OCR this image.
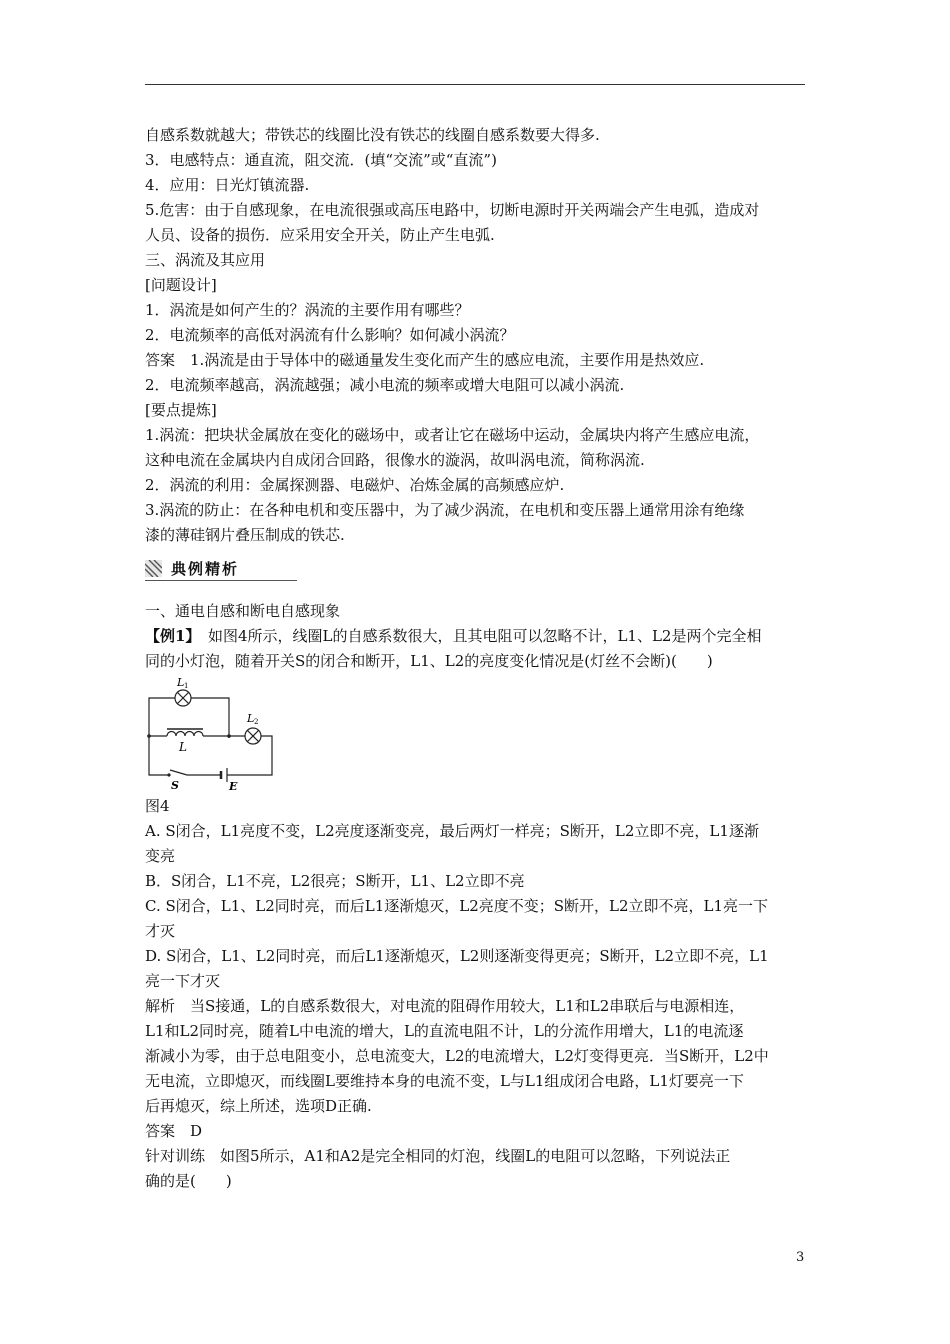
自感系数就越大；带铁芯的线圈比没有铁芯的线圈自感系数要大得多.

3．电感特点：通直流，阻交流．(填“交流”或“直流”)

4．应用：日光灯镇流器.

5.危害：由于自感现象，在电流很强或高压电路中，切断电源时开关两端会产生电弧，造成对

人员、设备的损伤．应采用安全开关，防止产生电弧.

三、涡流及其应用

[问题设计]

1．涡流是如何产生的？涡流的主要作用有哪些？

2．电流频率的高低对涡流有什么影响？如何减小涡流？

答案　1.涡流是由于导体中的磁通量发生变化而产生的感应电流，主要作用是热效应.

2．电流频率越高，涡流越强；减小电流的频率或增大电阻可以减小涡流.

[要点提炼]

1.涡流：把块状金属放在变化的磁场中，或者让它在磁场中运动，金属块内将产生感应电流，

这种电流在金属块内自成闭合回路，很像水的漩涡，故叫涡电流，简称涡流.

2．涡流的利用：金属探测器、电磁炉、冶炼金属的高频感应炉.

3.涡流的防止：在各种电机和变压器中，为了减少涡流，在电机和变压器上通常用涂有绝缘

漆的薄硅钢片叠压制成的铁芯.

典例精析

一、通电自感和断电自感现象

【例1】　如图4所示，线圈L的自感系数很大，且其电阻可以忽略不计，L1、L2是两个完全相

同的小灯泡，随着开关S的闭合和断开，L1、L2的亮度变化情况是(灯丝不会断)( )

L 1
L 2
L
S	E

图4

A. S闭合，L1亮度不变，L2亮度逐渐变亮，最后两灯一样亮；S断开，L2立即不亮，L1逐渐

变亮

B．S闭合，L1不亮，L2很亮；S断开，L1、L2立即不亮

C. S闭合，L1、L2同时亮，而后L1逐渐熄灭，L2亮度不变；S断开，L2立即不亮，L1亮一下

才灭

D. S闭合，L1、L2同时亮，而后L1逐渐熄灭，L2则逐渐变得更亮；S断开，L2立即不亮，L1

亮一下才灭

解析　当S接通，L的自感系数很大，对电流的阻碍作用较大，L1和L2串联后与电源相连，

L1和L2同时亮，随着L中电流的增大，L的直流电阻不计，L的分流作用增大，L1的电流逐

渐减小为零，由于总电阻变小，总电流变大，L2的电流增大，L2灯变得更亮．当S断开，L2中

无电流，立即熄灭，而线圈L要维持本身的电流不变，L与L1组成闭合电路，L1灯要亮一下

后再熄灭，综上所述，选项D正确.

答案　D

针对训练　如图5所示，A1和A2是完全相同的灯泡，线圈L的电阻可以忽略，下列说法正

确的是( )

3
